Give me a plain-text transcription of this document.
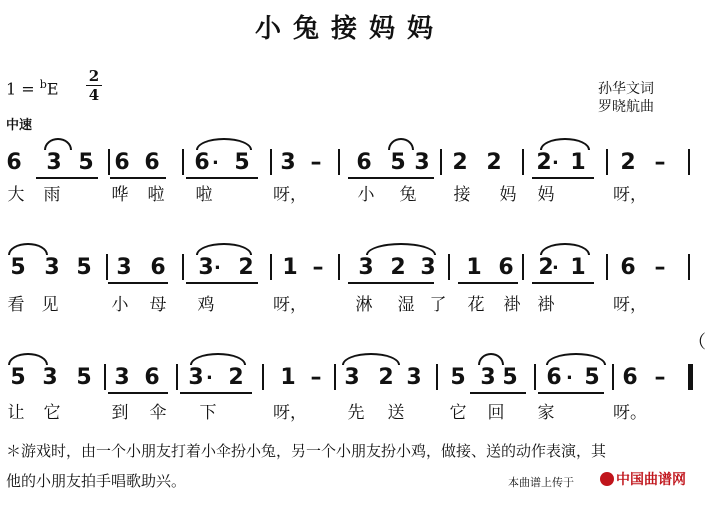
小兔接妈妈
1 = $^b$E
2
4
中速
孙华文词
罗晓航曲
（
6 3 5 6 6 6 5 3 – 6 5 3 2 2 2 1 2 –
大 雨	哗 啦 啦	呀，	小 兔 接 妈 妈	呀，
.	.
5 3 5 3 6 3 2 1 – 3 2 3 1 6 2 1 6 –
看 见	小 母 鸡	呀，	淋 湿 了 花 褂 褂	呀，
.	.
5 3 5 3 6 3 2 1 – 3 2 3 5 3 5 6 5 6 –
让 它	到 伞 下	呀， 先 送	它 回 家	呀。
.	.
＊游戏时，由一个小朋友打着小伞扮小兔，另一个小朋友扮小鸡，做接、送的动作表演，其
他的小朋友拍手唱歌助兴。	本曲谱上传于	中国曲谱网
